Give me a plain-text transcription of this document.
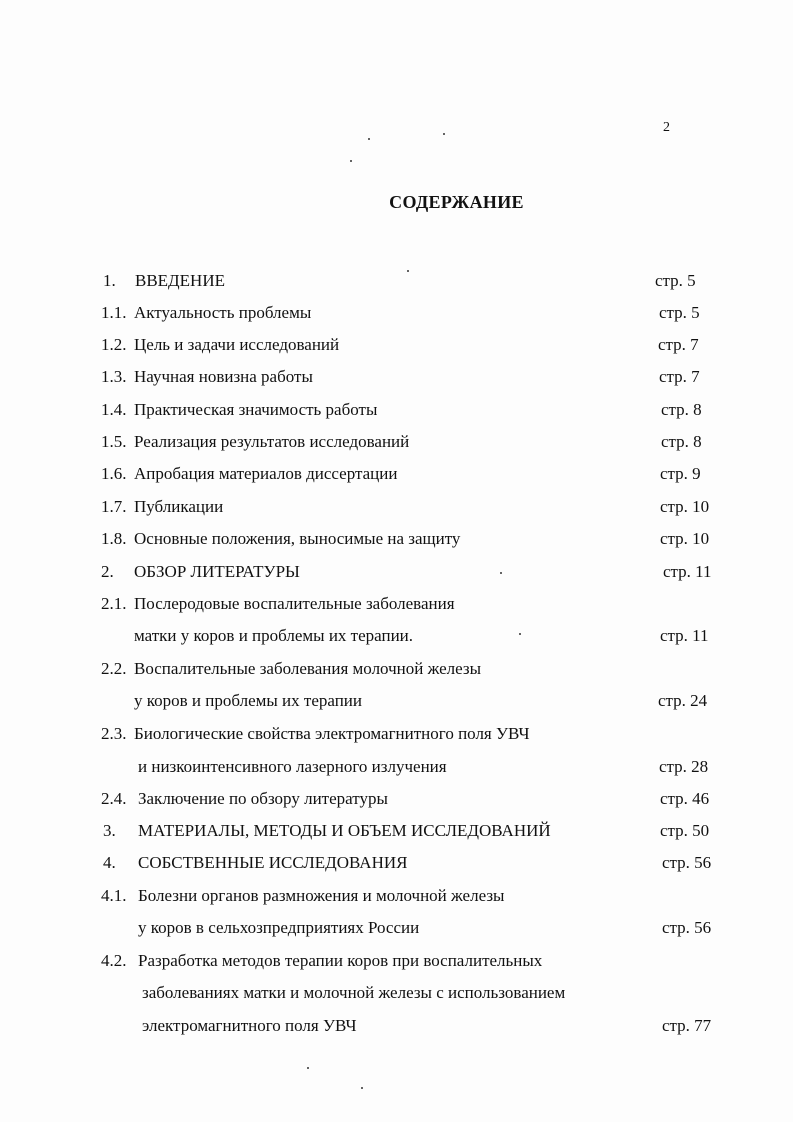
2
СОДЕРЖАНИЕ
1. ВВЕДЕНИЕ	стр. 5
1.1. Актуальность проблемы	стр. 5
1.2. Цель и задачи исследований	стр. 7
1.3. Научная новизна работы	стр. 7
1.4. Практическая значимость работы	стр. 8
1.5. Реализация результатов исследований	стр. 8
1.6. Апробация материалов диссертации	стр. 9
1.7. Публикации	стр. 10
1.8. Основные положения, выносимые на защиту	стр. 10
2. ОБЗОР ЛИТЕРАТУРЫ	стр. 11
2.1. Послеродовые воспалительные заболевания
матки у коров и проблемы их терапии.	стр. 11
2.2. Воспалительные заболевания молочной железы
у коров и проблемы их терапии	стр. 24
2.3. Биологические свойства электромагнитного поля УВЧ
и низкоинтенсивного лазерного излучения	стр. 28
2.4. Заключение по обзору литературы	стр. 46
3. МАТЕРИАЛЫ, МЕТОДЫ И ОБЪЕМ ИССЛЕДОВАНИЙ	стр. 50
4. СОБСТВЕННЫЕ ИССЛЕДОВАНИЯ	стр. 56
4.1. Болезни органов размножения и молочной железы
у коров в сельхозпредприятиях России	стр. 56
4.2. Разработка методов терапии коров при воспалительных
заболеваниях матки и молочной железы с использованием
электромагнитного поля УВЧ	стр. 77
